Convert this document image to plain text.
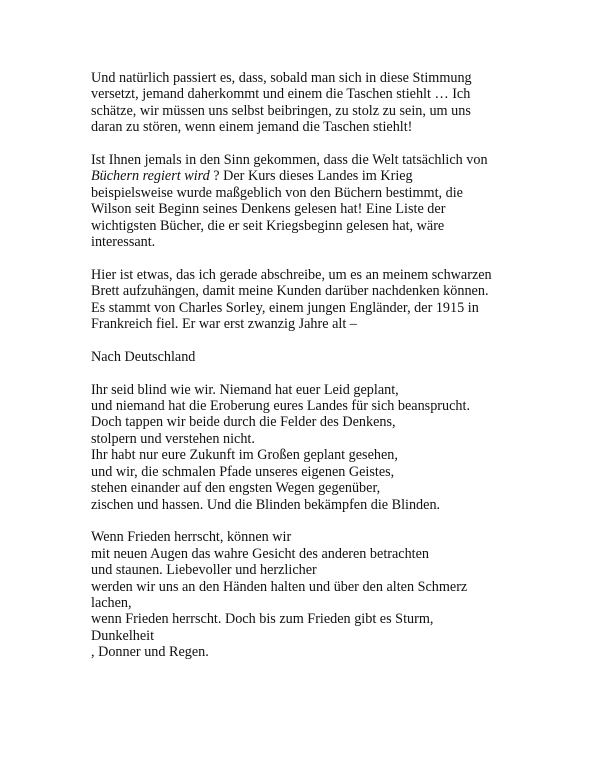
Und natürlich passiert es, dass, sobald man sich in diese Stimmung
versetzt, jemand daherkommt und einem die Taschen stiehlt … Ich
schätze, wir müssen uns selbst beibringen, zu stolz zu sein, um uns
daran zu stören, wenn einem jemand die Taschen stiehlt!
Ist Ihnen jemals in den Sinn gekommen, dass die Welt tatsächlich von
Büchern regiert wird ? Der Kurs dieses Landes im Krieg
beispielsweise wurde maßgeblich von den Büchern bestimmt, die
Wilson seit Beginn seines Denkens gelesen hat! Eine Liste der
wichtigsten Bücher, die er seit Kriegsbeginn gelesen hat, wäre
interessant.
Hier ist etwas, das ich gerade abschreibe, um es an meinem schwarzen
Brett aufzuhängen, damit meine Kunden darüber nachdenken können.
Es stammt von Charles Sorley, einem jungen Engländer, der 1915 in
Frankreich fiel. Er war erst zwanzig Jahre alt –
Nach Deutschland
Ihr seid blind wie wir. Niemand hat euer Leid geplant,
und niemand hat die Eroberung eures Landes für sich beansprucht.
Doch tappen wir beide durch die Felder des Denkens,
stolpern und verstehen nicht.
Ihr habt nur eure Zukunft im Großen geplant gesehen,
und wir, die schmalen Pfade unseres eigenen Geistes,
stehen einander auf den engsten Wegen gegenüber,
zischen und hassen. Und die Blinden bekämpfen die Blinden.
Wenn Frieden herrscht, können wir
mit neuen Augen das wahre Gesicht des anderen betrachten
und staunen. Liebevoller und herzlicher
werden wir uns an den Händen halten und über den alten Schmerz
lachen,
wenn Frieden herrscht. Doch bis zum Frieden gibt es Sturm,
Dunkelheit
, Donner und Regen.
